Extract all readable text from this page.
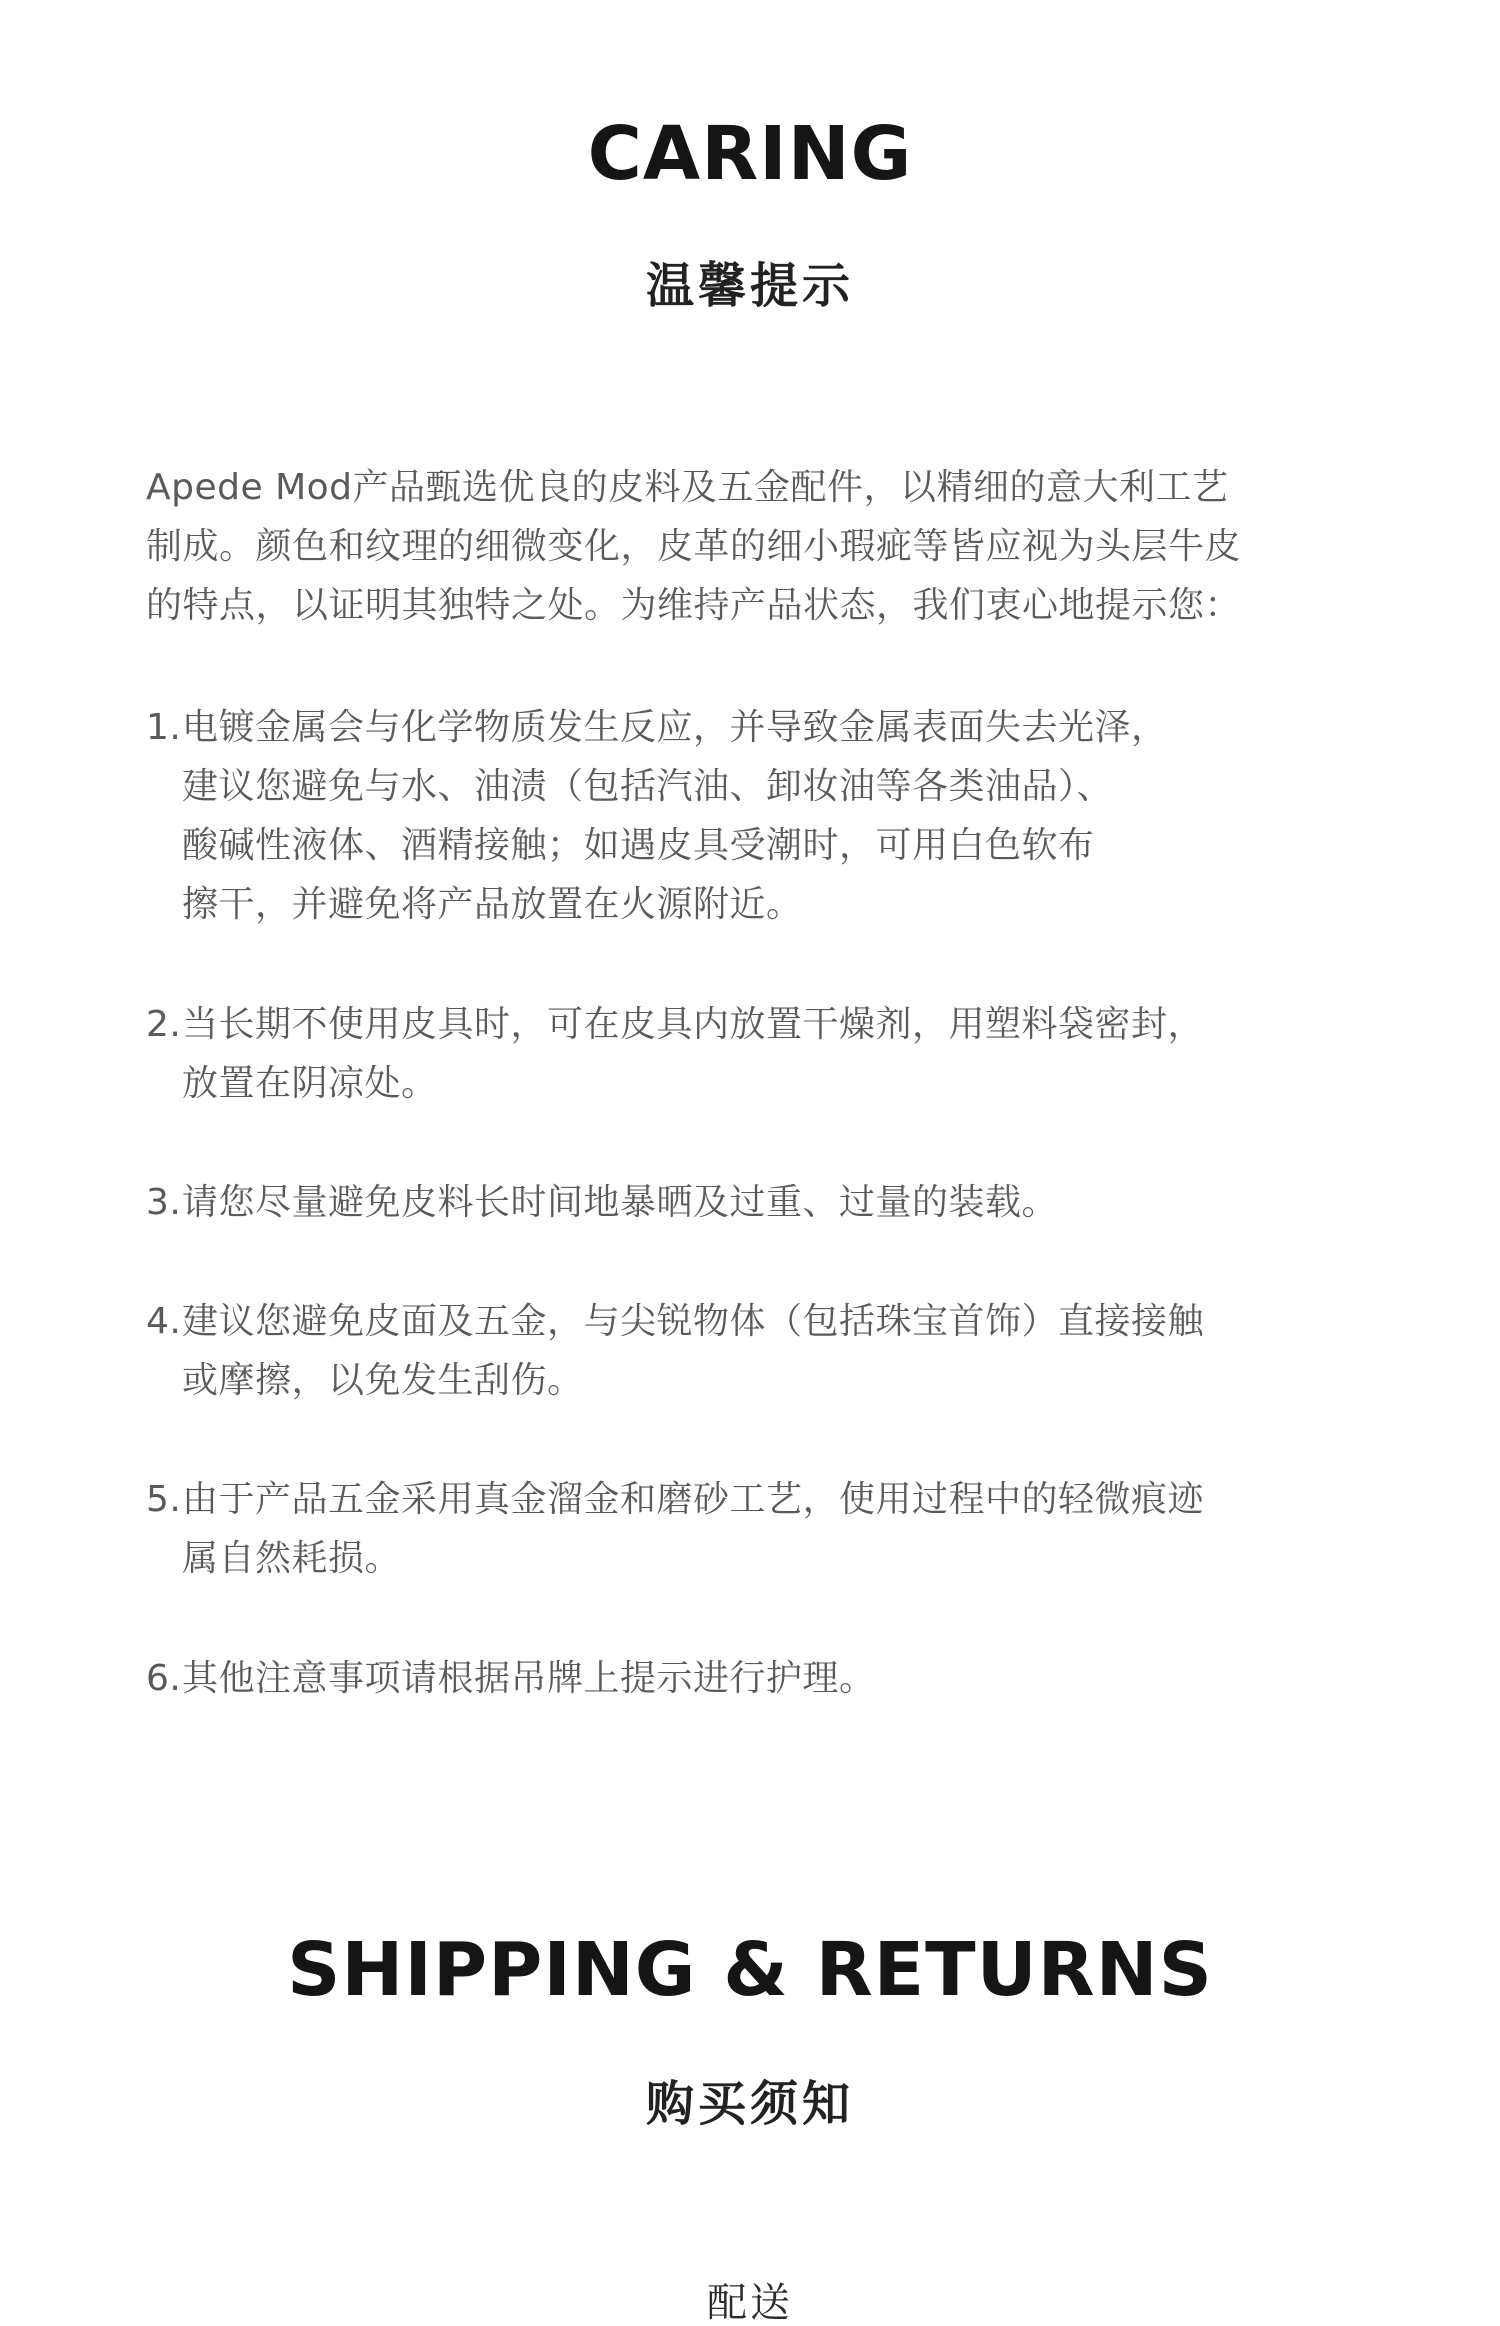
CARING
温馨提示
Apede Mod产品甄选优良的皮料及五金配件，以精细的意大利工艺
制成。颜色和纹理的细微变化，皮革的细小瑕疵等皆应视为头层牛皮
的特点，以证明其独特之处。为维持产品状态，我们衷心地提示您：
1. 电镀金属会与化学物质发生反应，并导致金属表面失去光泽，
建议您避免与水、油渍（包括汽油、卸妆油等各类油品）、
酸碱性液体、酒精接触；如遇皮具受潮时，可用白色软布
擦干，并避免将产品放置在火源附近。
2. 当长期不使用皮具时，可在皮具内放置干燥剂，用塑料袋密封，
放置在阴凉处。
3. 请您尽量避免皮料长时间地暴晒及过重、过量的装载。
4. 建议您避免皮面及五金，与尖锐物体（包括珠宝首饰）直接接触
或摩擦，以免发生刮伤。
5. 由于产品五金采用真金溜金和磨砂工艺，使用过程中的轻微痕迹
属自然耗损。
6. 其他注意事项请根据吊牌上提示进行护理。
SHIPPING & RETURNS
购买须知
配送
